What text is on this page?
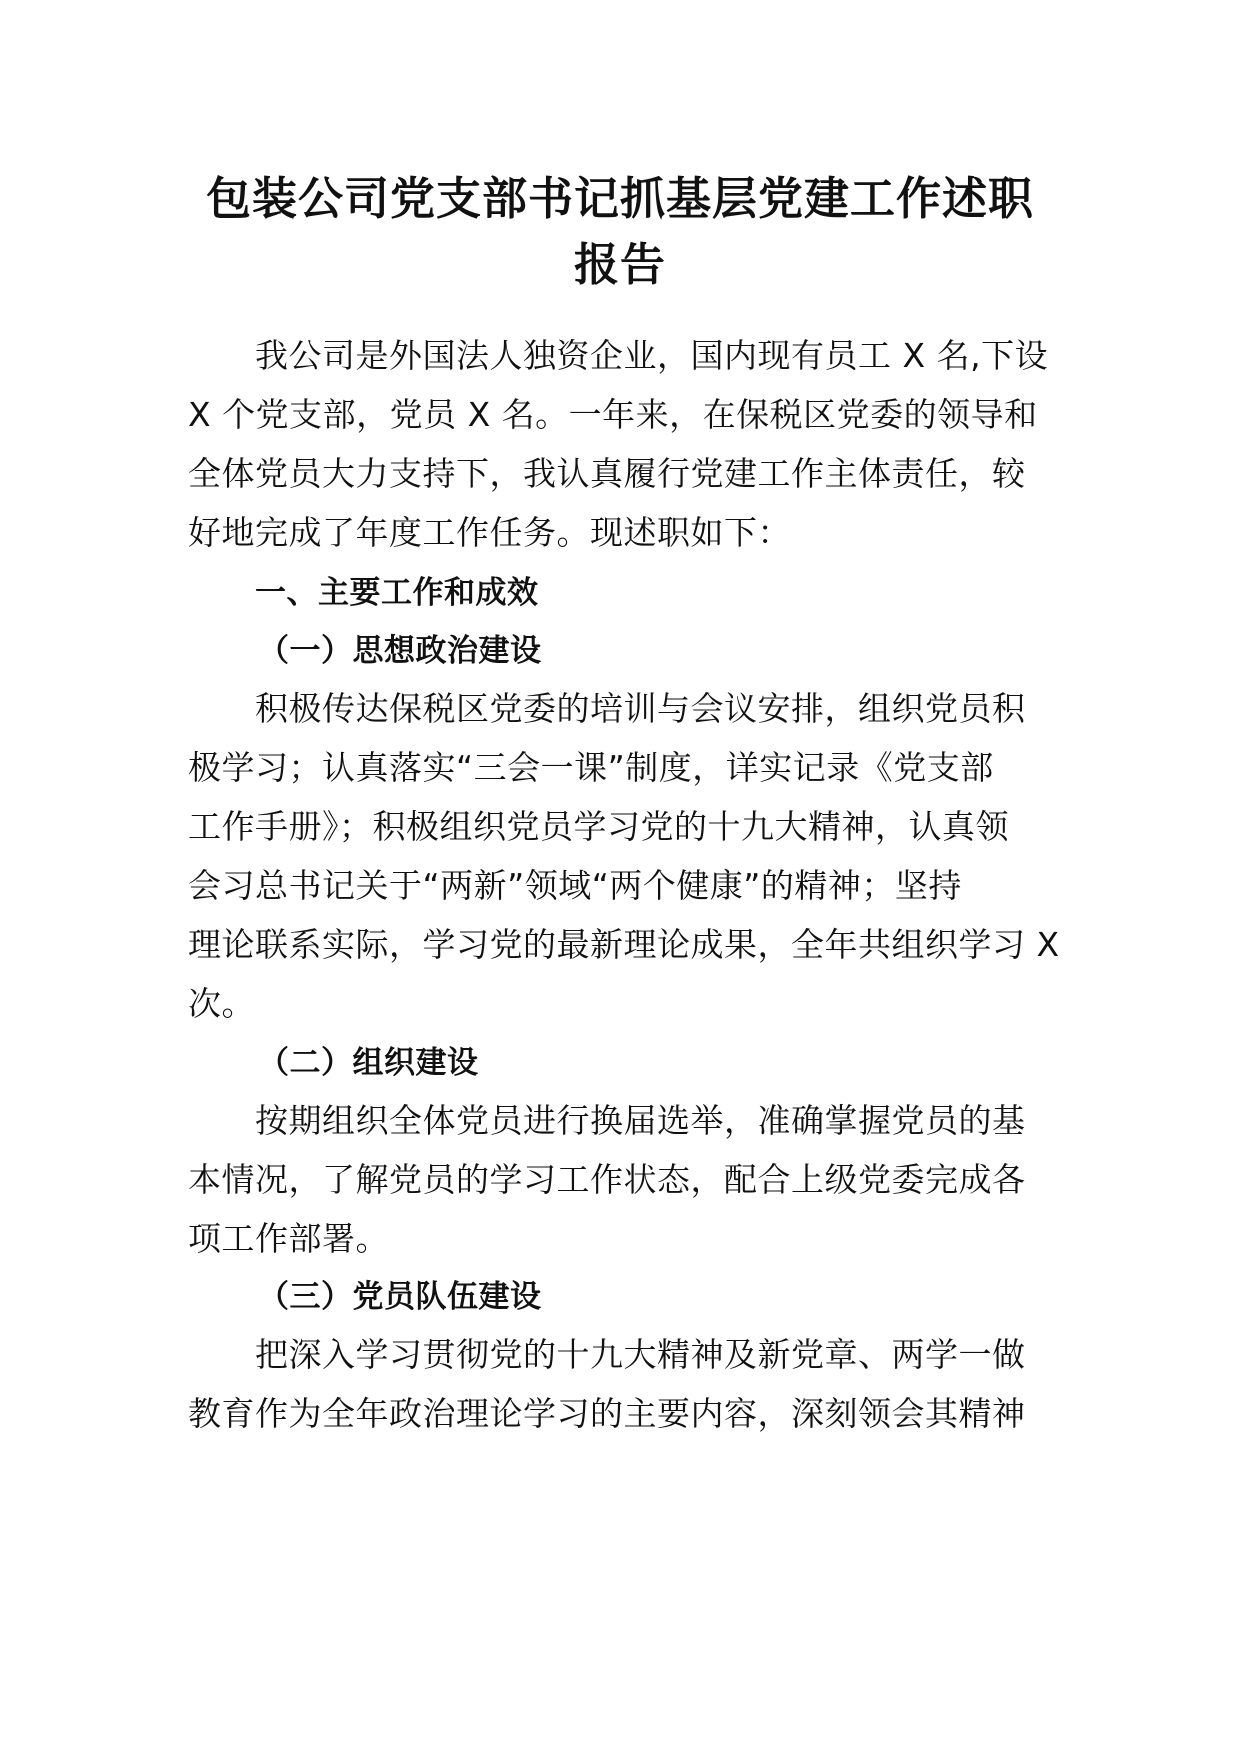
包装公司党支部书记抓基层党建工作述职报告
我公司是外国法人独资企业，国内现有员工 X 名,下设
X 个党支部，党员 X 名。一年来，在保税区党委的领导和
全体党员大力支持下，我认真履行党建工作主体责任，较
好地完成了年度工作任务。现述职如下：
一、主要工作和成效
（一）思想政治建设
积极传达保税区党委的培训与会议安排，组织党员积
极学习；认真落实“三会一课”制度，详实记录《党支部
工作手册》；积极组织党员学习党的十九大精神，认真领
会习总书记关于“两新”领域“两个健康”的精神；坚持
理论联系实际，学习党的最新理论成果，全年共组织学习 X
次。
（二）组织建设
按期组织全体党员进行换届选举，准确掌握党员的基
本情况，了解党员的学习工作状态，配合上级党委完成各
项工作部署。
（三）党员队伍建设
把深入学习贯彻党的十九大精神及新党章、两学一做
教育作为全年政治理论学习的主要内容，深刻领会其精神
